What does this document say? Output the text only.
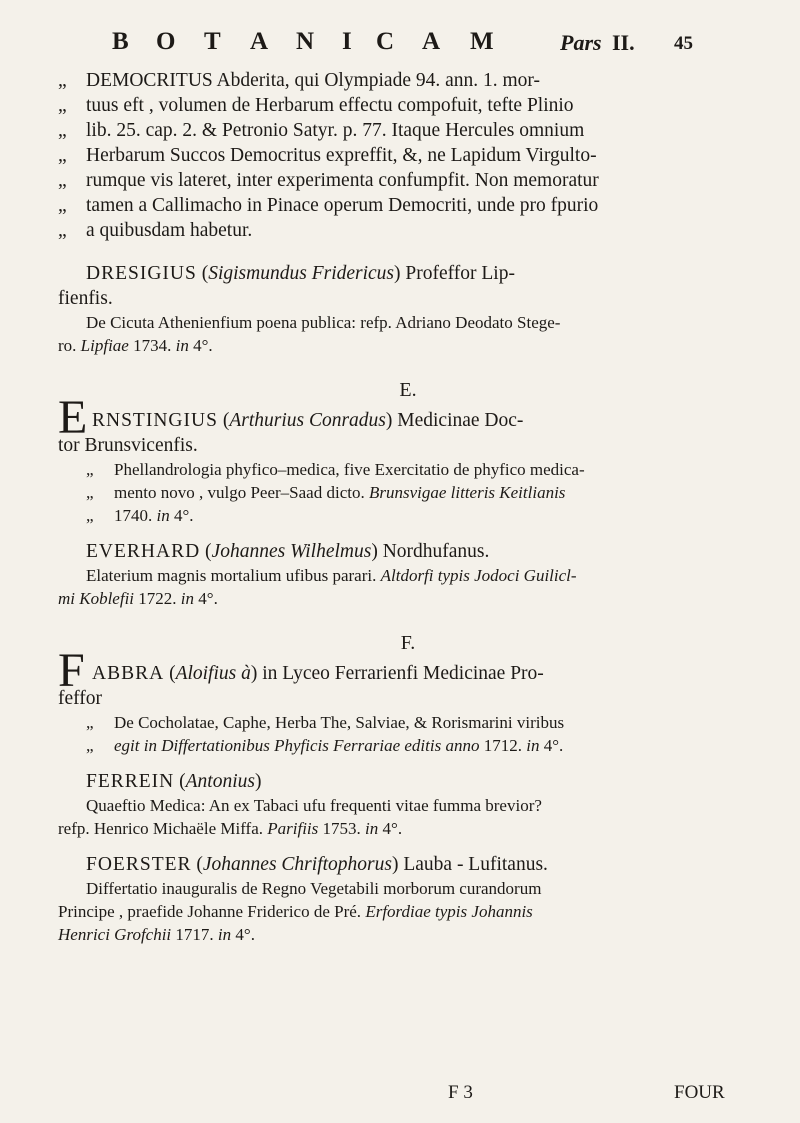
B O T A N I C A M	Pars II. 45
„ DEMOCRITUS Abderita, qui Olympiade 94. ann. 1. mor-
„ tuus eft , volumen de Herbarum effectu compofuit, tefte Plinio
„ lib. 25. cap. 2. & Petronio Satyr. p. 77. Itaque Hercules omnium
„ Herbarum Succos Democritus expreffit, &, ne Lapidum Virgulto-
„ rumque vis lateret, inter experimenta confumpfit. Non memoratur
„ tamen a Callimacho in Pinace operum Democriti, unde pro fpurio
„ a quibusdam habetur.
DRESIGIUS (Sigismundus Fridericus) Profeffor Lip-
fienfis.
De Cicuta Athenienfium poena publica: refp. Adriano Deodato Stege-
ro. Lipfiae 1734. in 4°.
E.
E RNSTINGIUS (Arthurius Conradus) Medicinae Doc-
tor Brunsvicenfis.
„ Phellandrologia phyfico–medica, five Exercitatio de phyfico medica-
„ mento novo , vulgo Peer–Saad dicto. Brunsvigae litteris Keitlianis
„ 1740. in 4°.
EVERHARD (Johannes Wilhelmus) Nordhufanus.
Elaterium magnis mortalium ufibus parari. Altdorfi typis Jodoci Guilicl-
mi Koblefii 1722. in 4°.
F.
F ABBRA (Aloifius à) in Lyceo Ferrarienfi Medicinae Pro-
feffor
„ De Cocholatae, Caphe, Herba The, Salviae, & Rorismarini viribus
„ egit in Differtationibus Phyficis Ferrariae editis anno 1712. in 4°.
FERREIN (Antonius)
Quaeftio Medica: An ex Tabaci ufu frequenti vitae fumma brevior?
refp. Henrico Michaële Miffa. Parifiis 1753. in 4°.
FOERSTER (Johannes Chriftophorus) Lauba - Lufitanus.
Differtatio inauguralis de Regno Vegetabili morborum curandorum
Principe , praefide Johanne Friderico de Pré. Erfordiae typis Johannis
Henrici Grofchii 1717. in 4°.
F 3	FOUR
